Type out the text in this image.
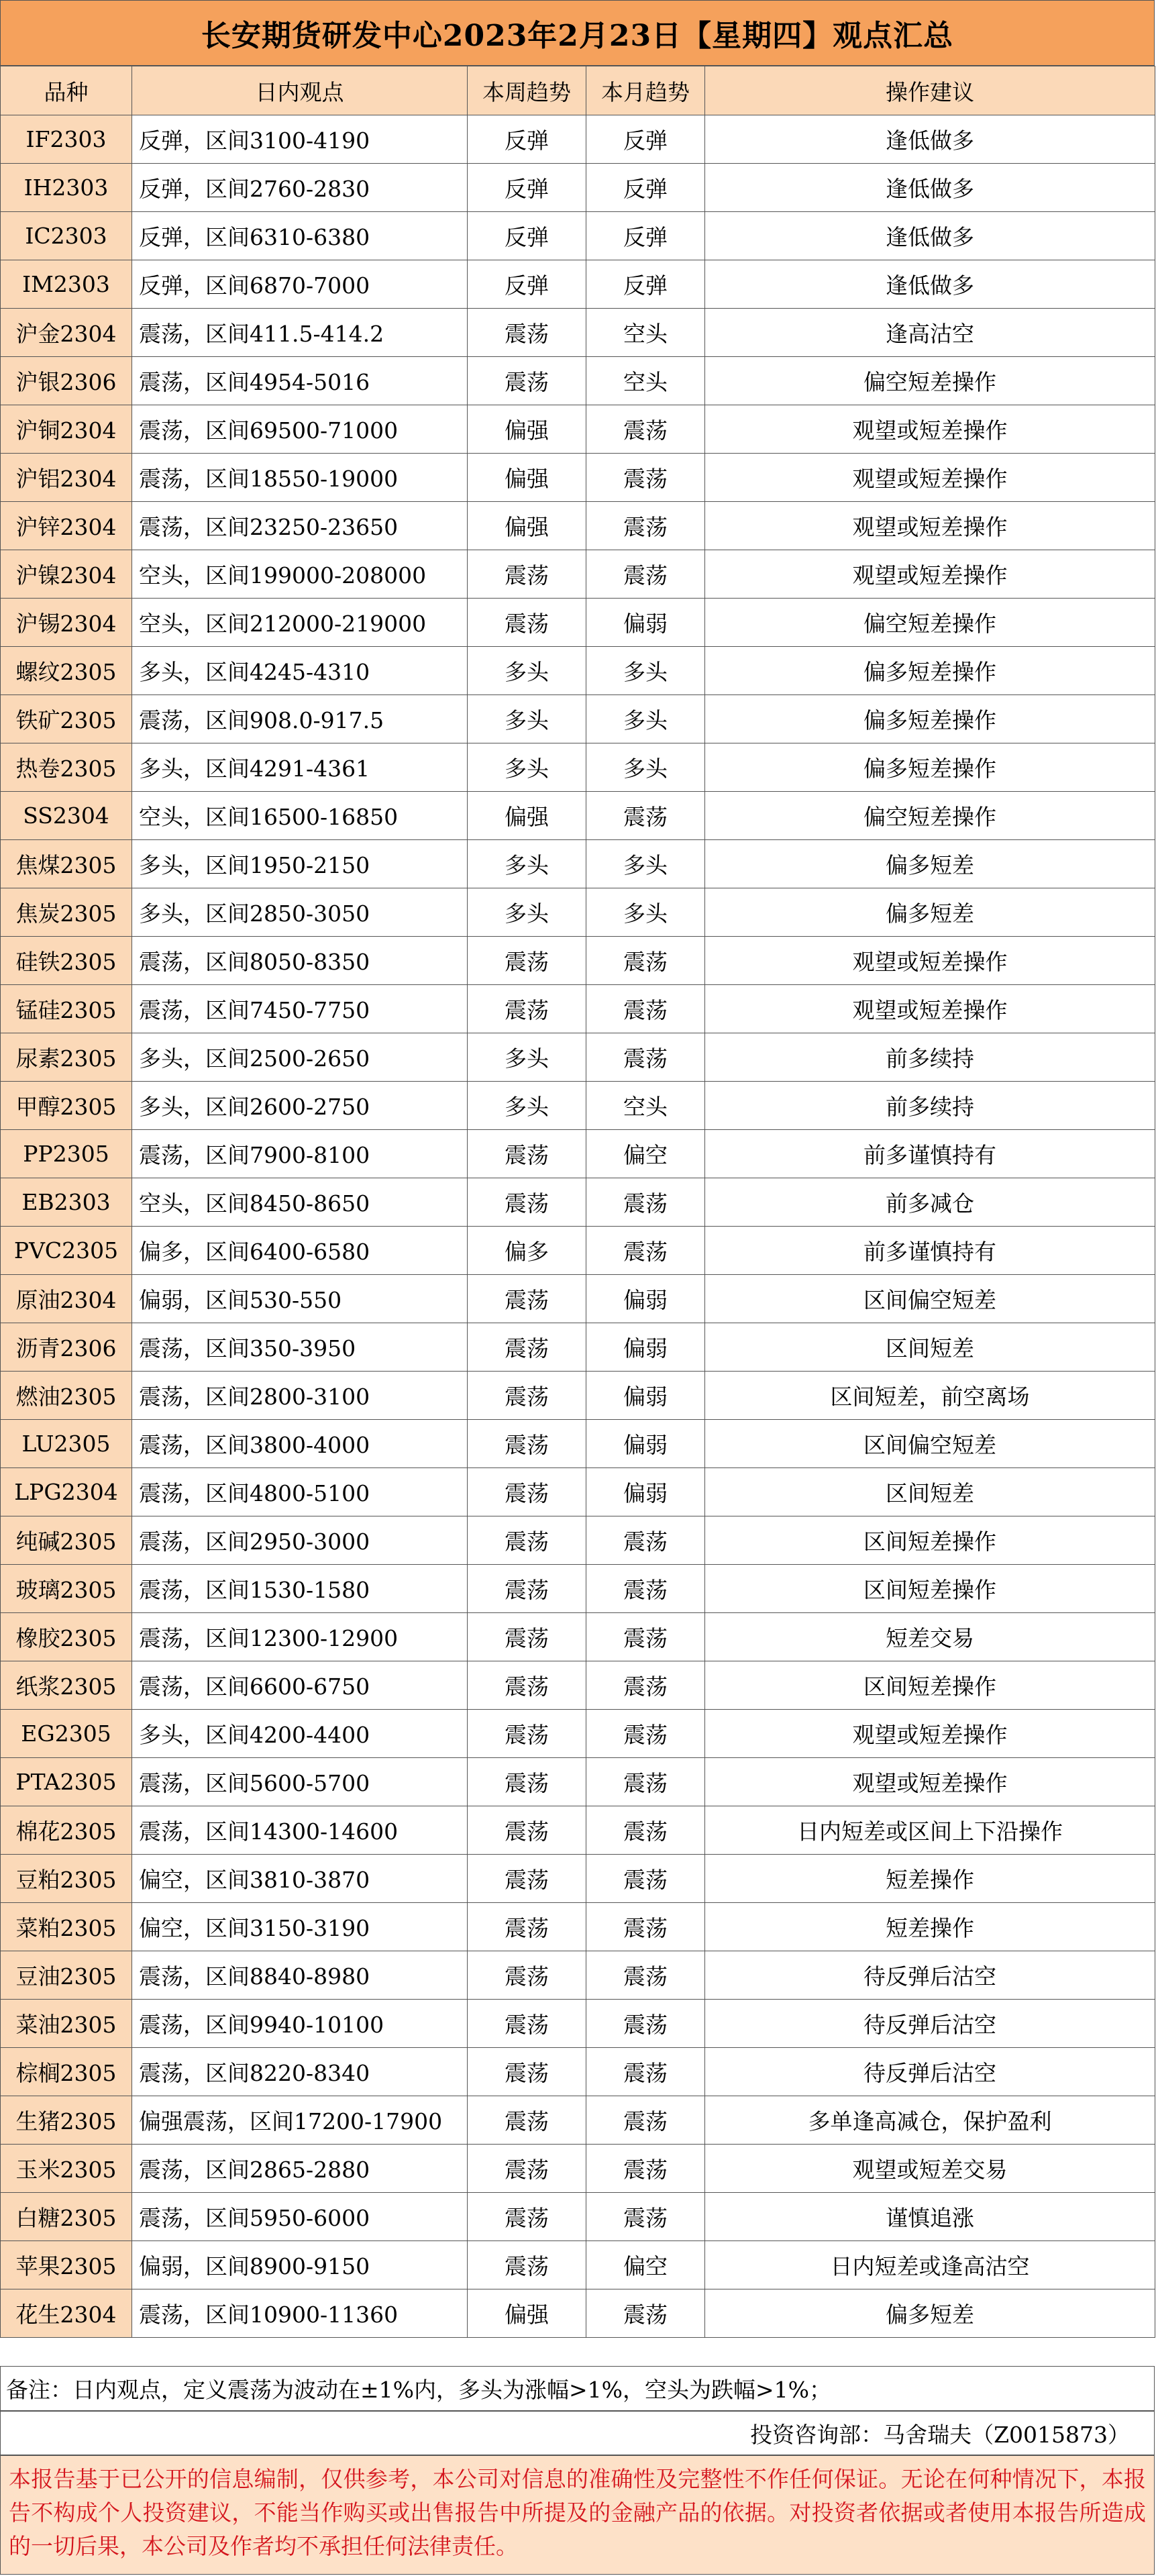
长安期货研发中心2023年2月23日【星期四】观点汇总
品种	日内观点	本周趋势	本月趋势	操作建议
IF2303	反弹，区间3100-4190	反弹	反弹	逢低做多
IH2303	反弹，区间2760-2830	反弹	反弹	逢低做多
IC2303	反弹，区间6310-6380	反弹	反弹	逢低做多
IM2303	反弹，区间6870-7000	反弹	反弹	逢低做多
沪金2304	震荡，区间411.5-414.2	震荡	空头	逢高沽空
沪银2306	震荡，区间4954-5016	震荡	空头	偏空短差操作
沪铜2304	震荡，区间69500-71000	偏强	震荡	观望或短差操作
沪铝2304	震荡，区间18550-19000	偏强	震荡	观望或短差操作
沪锌2304	震荡，区间23250-23650	偏强	震荡	观望或短差操作
沪镍2304	空头，区间199000-208000	震荡	震荡	观望或短差操作
沪锡2304	空头，区间212000-219000	震荡	偏弱	偏空短差操作
螺纹2305	多头，区间4245-4310	多头	多头	偏多短差操作
铁矿2305	震荡，区间908.0-917.5	多头	多头	偏多短差操作
热卷2305	多头，区间4291-4361	多头	多头	偏多短差操作
SS2304	空头，区间16500-16850	偏强	震荡	偏空短差操作
焦煤2305	多头，区间1950-2150	多头	多头	偏多短差
焦炭2305	多头，区间2850-3050	多头	多头	偏多短差
硅铁2305	震荡，区间8050-8350	震荡	震荡	观望或短差操作
锰硅2305	震荡，区间7450-7750	震荡	震荡	观望或短差操作
尿素2305	多头，区间2500-2650	多头	震荡	前多续持
甲醇2305	多头，区间2600-2750	多头	空头	前多续持
PP2305	震荡，区间7900-8100	震荡	偏空	前多谨慎持有
EB2303	空头，区间8450-8650	震荡	震荡	前多减仓
PVC2305	偏多，区间6400-6580	偏多	震荡	前多谨慎持有
原油2304	偏弱，区间530-550	震荡	偏弱	区间偏空短差
沥青2306	震荡，区间350-3950	震荡	偏弱	区间短差
燃油2305	震荡，区间2800-3100	震荡	偏弱	区间短差，前空离场
LU2305	震荡，区间3800-4000	震荡	偏弱	区间偏空短差
LPG2304	震荡，区间4800-5100	震荡	偏弱	区间短差
纯碱2305	震荡，区间2950-3000	震荡	震荡	区间短差操作
玻璃2305	震荡，区间1530-1580	震荡	震荡	区间短差操作
橡胶2305	震荡，区间12300-12900	震荡	震荡	短差交易
纸浆2305	震荡，区间6600-6750	震荡	震荡	区间短差操作
EG2305	多头，区间4200-4400	震荡	震荡	观望或短差操作
PTA2305	震荡，区间5600-5700	震荡	震荡	观望或短差操作
棉花2305	震荡，区间14300-14600	震荡	震荡	日内短差或区间上下沿操作
豆粕2305	偏空，区间3810-3870	震荡	震荡	短差操作
菜粕2305	偏空，区间3150-3190	震荡	震荡	短差操作
豆油2305	震荡，区间8840-8980	震荡	震荡	待反弹后沽空
菜油2305	震荡，区间9940-10100	震荡	震荡	待反弹后沽空
棕榈2305	震荡，区间8220-8340	震荡	震荡	待反弹后沽空
生猪2305	偏强震荡，区间17200-17900	震荡	震荡	多单逢高减仓，保护盈利
玉米2305	震荡，区间2865-2880	震荡	震荡	观望或短差交易
白糖2305	震荡，区间5950-6000	震荡	震荡	谨慎追涨
苹果2305	偏弱，区间8900-9150	震荡	偏空	日内短差或逢高沽空
花生2304	震荡，区间10900-11360	偏强	震荡	偏多短差
备注：日内观点，定义震荡为波动在±1%内，多头为涨幅>1%，空头为跌幅>1%；
投资咨询部：马舍瑞夫（Z0015873）
本报告基于已公开的信息编制，仅供参考，本公司对信息的准确性及完整性不作任何保证。无论在何种情况下，本报告不构成个人投资建议，不能当作购买或出售报告中所提及的金融产品的依据。对投资者依据或者使用本报告所造成的一切后果，本公司及作者均不承担任何法律责任。
